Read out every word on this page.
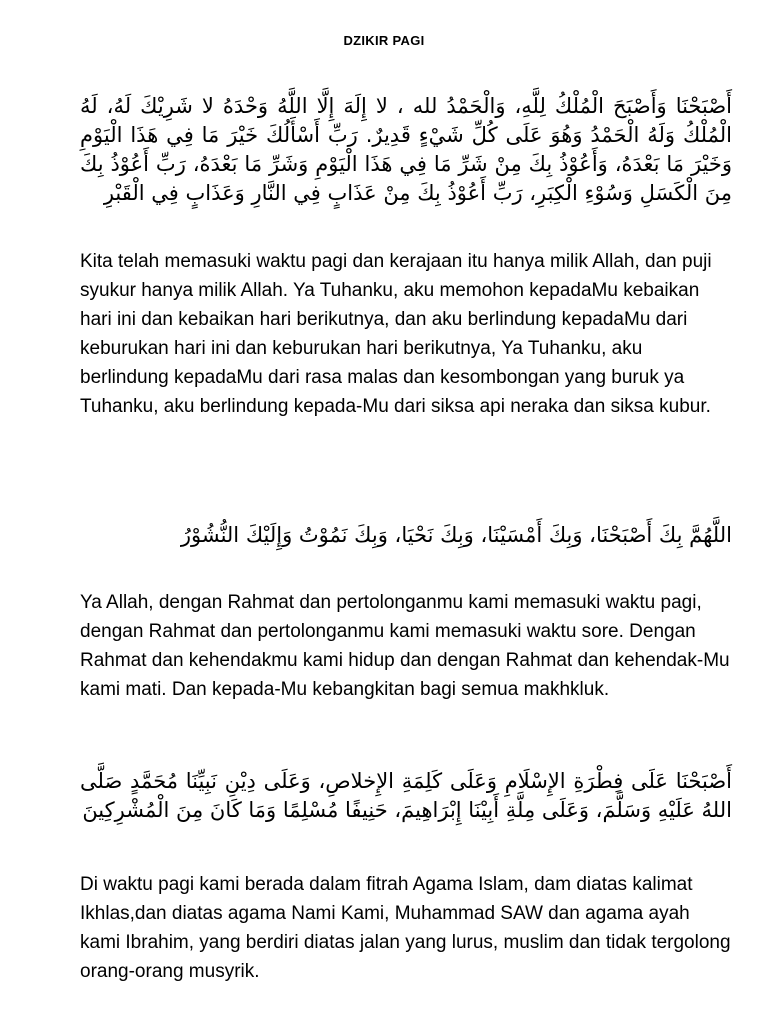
DZIKIR PAGI
أَصْبَحْنَا وَأَصْبَحَ الْمُلْكُ لِلَّهِ، وَالْحَمْدُ لله ، لا إِلَهَ إِلَّا اللَّهُ وَحْدَهُ لا شَرِيْكَ لَهُ، لَهُ الْمُلْكُ وَلَهُ الْحَمْدُ وَهُوَ عَلَى كُلِّ شَيْءٍ قَدِيرٌ. رَبِّ أَسْأَلُكَ خَيْرَ مَا فِي هَذَا الْيَوْمِ وَخَيْرَ مَا بَعْدَهُ، وَأَعُوْذُ بِكَ مِنْ شَرِّ مَا فِي هَذَا الْيَوْمِ وَشَرِّ مَا بَعْدَهُ، رَبِّ أَعُوْذُ بِكَ مِنَ الْكَسَلِ وَسُوْءِ الْكِبَرِ، رَبِّ أَعُوْذُ بِكَ مِنْ عَذَابٍ فِي النَّارِ وَعَذَابٍ فِي الْقَبْرِ
Kita telah memasuki waktu pagi dan kerajaan itu hanya milik Allah, dan puji syukur hanya milik Allah. Ya Tuhanku, aku memohon kepadaMu kebaikan hari ini dan kebaikan hari berikutnya, dan aku berlindung kepadaMu dari keburukan hari ini dan keburukan hari berikutnya, Ya Tuhanku, aku berlindung kepadaMu dari rasa malas dan kesombongan yang buruk ya Tuhanku, aku berlindung kepada-Mu dari siksa api neraka dan siksa kubur.
اللَّهُمَّ بِكَ أَصْبَحْنَا، وَبِكَ أَمْسَيْنَا، وَبِكَ نَحْيَا، وَبِكَ نَمُوْتُ وَإِلَيْكَ النُّشُوْرُ
Ya Allah, dengan Rahmat dan pertolonganmu kami memasuki waktu pagi, dengan Rahmat dan pertolonganmu kami memasuki waktu sore. Dengan Rahmat dan kehendakmu kami hidup dan dengan Rahmat dan kehendak-Mu kami mati. Dan kepada-Mu kebangkitan bagi semua makhkluk.
أَصْبَحْنَا عَلَى فِطْرَةِ الإِسْلَامِ وَعَلَى كَلِمَةِ الإِخلاصِ، وَعَلَى دِيْنِ نَبِيِّنَا مُحَمَّدٍ صَلَّى اللهُ عَلَيْهِ وَسَلَّمَ، وَعَلَى مِلَّةِ أَبِيْنَا إِبْرَاهِيمَ، حَنِيفًا مُسْلِمًا وَمَا كَانَ مِنَ الْمُشْرِكِينَ
Di waktu pagi kami berada dalam fitrah Agama Islam, dam diatas kalimat Ikhlas,dan diatas agama Nami Kami, Muhammad SAW dan agama ayah kami Ibrahim, yang berdiri diatas jalan yang lurus, muslim dan tidak tergolong orang-orang musyrik.
